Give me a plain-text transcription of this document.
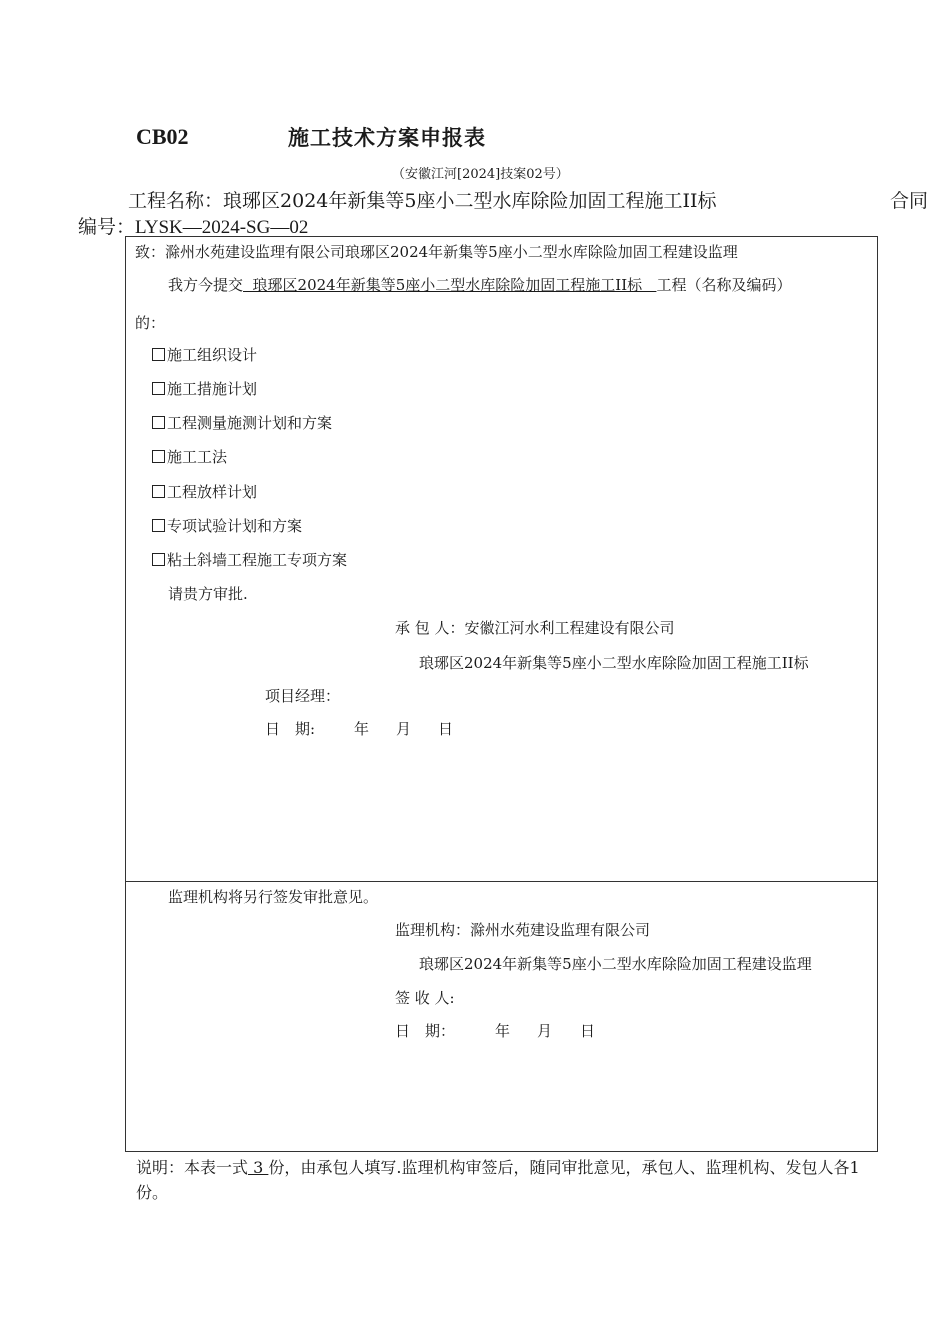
CB02	施工技术方案申报表
（安徽江河[2024]技案02号）
工程名称：琅琊区2024年新集等5座小二型水库除险加固工程施工II标	合同
编号：LYSK—2024-SG—02
致：滁州水苑建设监理有限公司琅琊区2024年新集等5座小二型水库除险加固工程建设监理
我方今提交  琅琊区2024年新集等5座小二型水库除险加固工程施工II标   工程（名称及编码）
的：
施工组织设计
施工措施计划
工程测量施测计划和方案
施工工法
工程放样计划
专项试验计划和方案
粘土斜墙工程施工专项方案
请贵方审批.
承 包 人：安徽江河水利工程建设有限公司
琅琊区2024年新集等5座小二型水库除险加固工程施工II标
项目经理：
日　期:	年 月 日
监理机构将另行签发审批意见。
监理机构：滁州水苑建设监理有限公司
琅琊区2024年新集等5座小二型水库除险加固工程建设监理
签 收 人:
日　期：	年 月 日
说明：本表一式 3 份，由承包人填写.监理机构审签后，随同审批意见，承包人、监理机构、发包人各1份。
